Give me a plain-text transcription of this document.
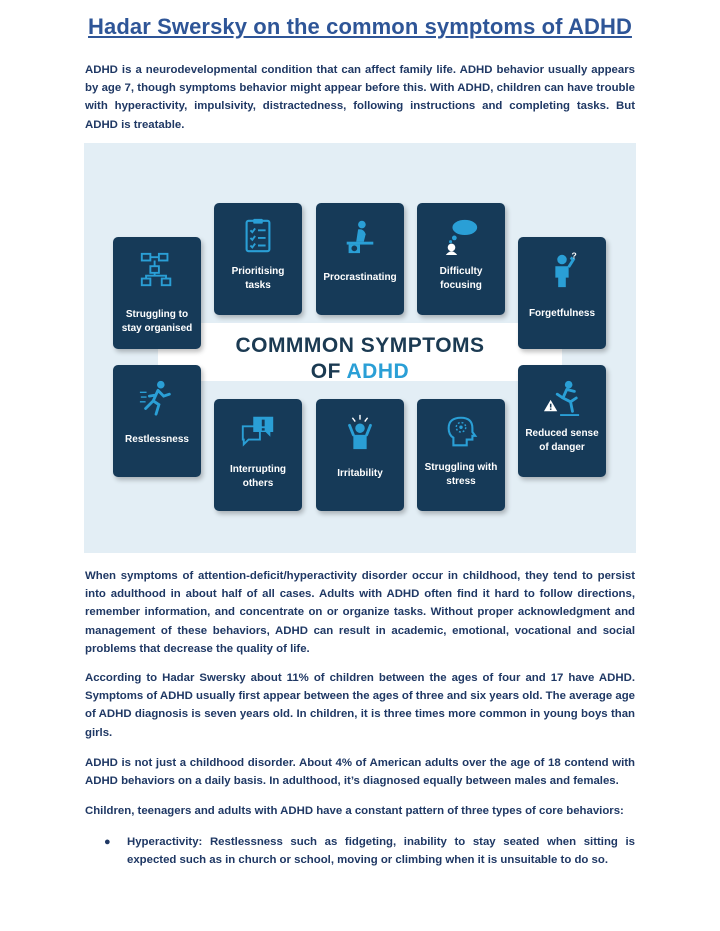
Hadar Swersky on the common symptoms of ADHD

ADHD is a neurodevelopmental condition that can affect family life. ADHD behavior usually appears by age 7, though symptoms behavior might appear before this. With ADHD, children can have trouble with hyperactivity, impulsivity, distractedness, following instructions and completing tasks. But ADHD is treatable.

COMMMON SYMPTOMS
OF ADHD
Struggling to stay organised
Prioritising tasks
Procrastinating
Difficulty focusing
?
Forgetfulness
Restlessness
Interrupting others
Irritability
Struggling with stress
Reduced sense of danger

When symptoms of attention-deficit/hyperactivity disorder occur in childhood, they tend to persist into adulthood in about half of all cases. Adults with ADHD often find it hard to follow directions, remember information, and concentrate on or organize tasks. Without proper acknowledgment and management of these behaviors, ADHD can result in academic, emotional, vocational and social problems that decrease the quality of life.

According to Hadar Swersky about 11% of children between the ages of four and 17 have ADHD. Symptoms of ADHD usually first appear between the ages of three and six years old. The average age of ADHD diagnosis is seven years old. In children, it is three times more common in young boys than girls.

ADHD is not just a childhood disorder. About 4% of American adults over the age of 18 contend with ADHD behaviors on a daily basis. In adulthood, it’s diagnosed equally between males and females.

Children, teenagers and adults with ADHD have a constant pattern of three types of core behaviors:

● Hyperactivity: Restlessness such as fidgeting, inability to stay seated when sitting is expected such as in church or school, moving or climbing when it is unsuitable to do so.
